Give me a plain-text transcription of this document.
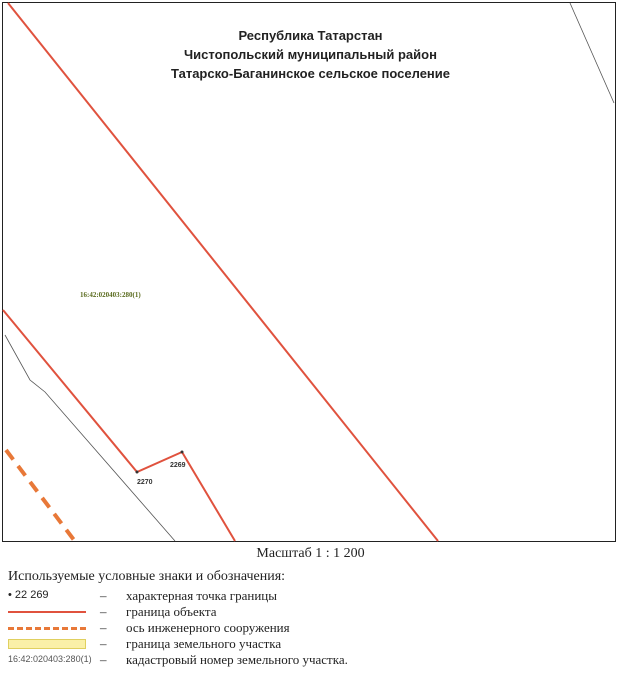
Республика Татарстан
Чистопольский муниципальный район
Татарско-Баганинское сельское поселение
16:42:020403:280(1)
2269
2270
Масштаб 1 : 1 200
Используемые условные знаки и обозначения:
• 22 269	– характерная точка границы
– граница объекта
– ось инженерного сооружения
– граница земельного участка
16:42:020403:280(1) – кадастровый номер земельного участка.
